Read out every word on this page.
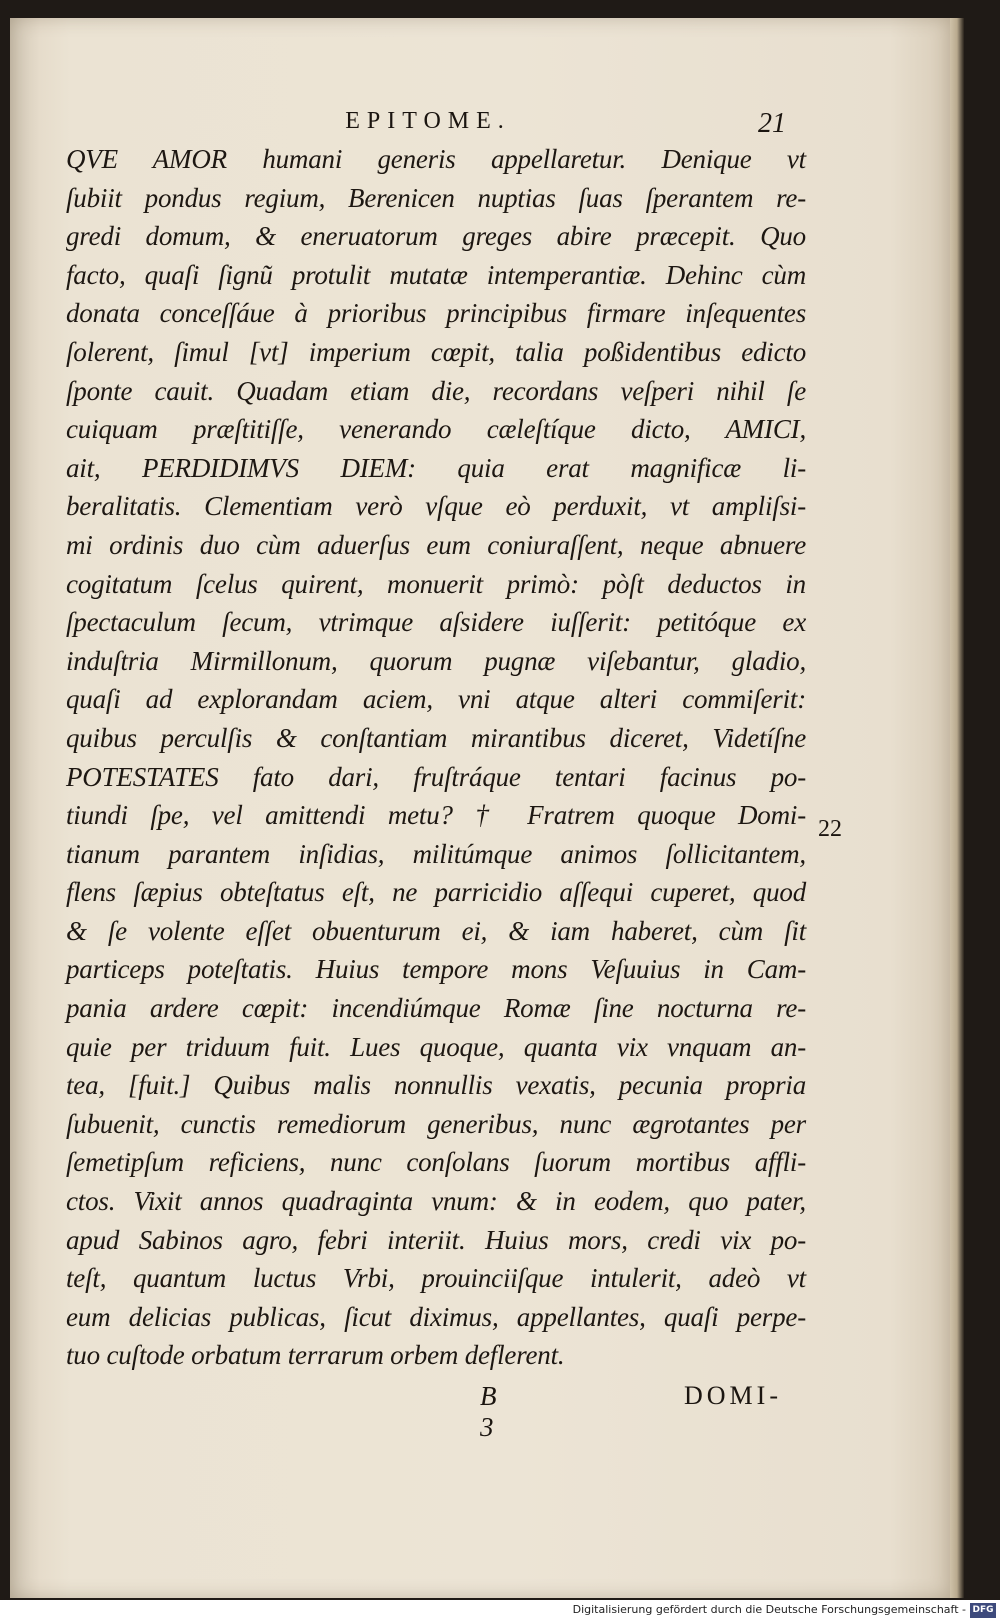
EPITOME.	21
QVE AMOR humani generis appellaretur. Denique vt
ſubiit pondus regium, Berenicen nuptias ſuas ſperantem re-
gredi domum, & eneruatorum greges abire præcepit. Quo
facto, quaſi ſignũ protulit mutatæ intemperantiæ. Dehinc cùm
donata conceſſáue à prioribus principibus firmare inſequentes
ſolerent, ſimul [vt] imperium cœpit, talia poßidentibus edicto
ſponte cauit. Quadam etiam die, recordans veſperi nihil ſe
cuiquam præſtitiſſe, venerando cæleſtíque dicto, AMICI,
ait, PERDIDIMVS DIEM: quia erat magnificæ li-
beralitatis. Clementiam verò vſque eò perduxit, vt ampliſsi-
mi ordinis duo cùm aduerſus eum coniuraſſent, neque abnuere
cogitatum ſcelus quirent, monuerit primò: pòſt deductos in
ſpectaculum ſecum, vtrimque aſsidere iuſſerit: petitóque ex
induſtria Mirmillonum, quorum pugnæ viſebantur, gladio,
quaſi ad explorandam aciem, vni atque alteri commiſerit:
quibus perculſis & conſtantiam mirantibus diceret, Videtíſne
POTESTATES fato dari, fruſtráque tentari facinus po-
tiundi ſpe, vel amittendi metu? † Fratrem quoque Domi-
tianum parantem inſidias, militúmque animos ſollicitantem,
flens ſæpius obteſtatus eſt, ne parricidio aſſequi cuperet, quod
& ſe volente eſſet obuenturum ei, & iam haberet, cùm ſit
particeps poteſtatis. Huius tempore mons Veſuuius in Cam-
pania ardere cœpit: incendiúmque Romæ ſine nocturna re-
quie per triduum fuit. Lues quoque, quanta vix vnquam an-
tea, [fuit.] Quibus malis nonnullis vexatis, pecunia propria
ſubuenit, cunctis remediorum generibus, nunc ægrotantes per
ſemetipſum reficiens, nunc conſolans ſuorum mortibus affli-
ctos. Vixit annos quadraginta vnum: & in eodem, quo pater,
apud Sabinos agro, febri interiit. Huius mors, credi vix po-
teſt, quantum luctus Vrbi, prouinciiſque intulerit, adeò vt
eum delicias publicas, ſicut diximus, appellantes, quaſi perpe-
tuo cuſtode orbatum terrarum orbem deflerent.
22
B 3
DOMI-
Digitalisierung gefördert durch die Deutsche Forschungsgemeinschaft - DFG
